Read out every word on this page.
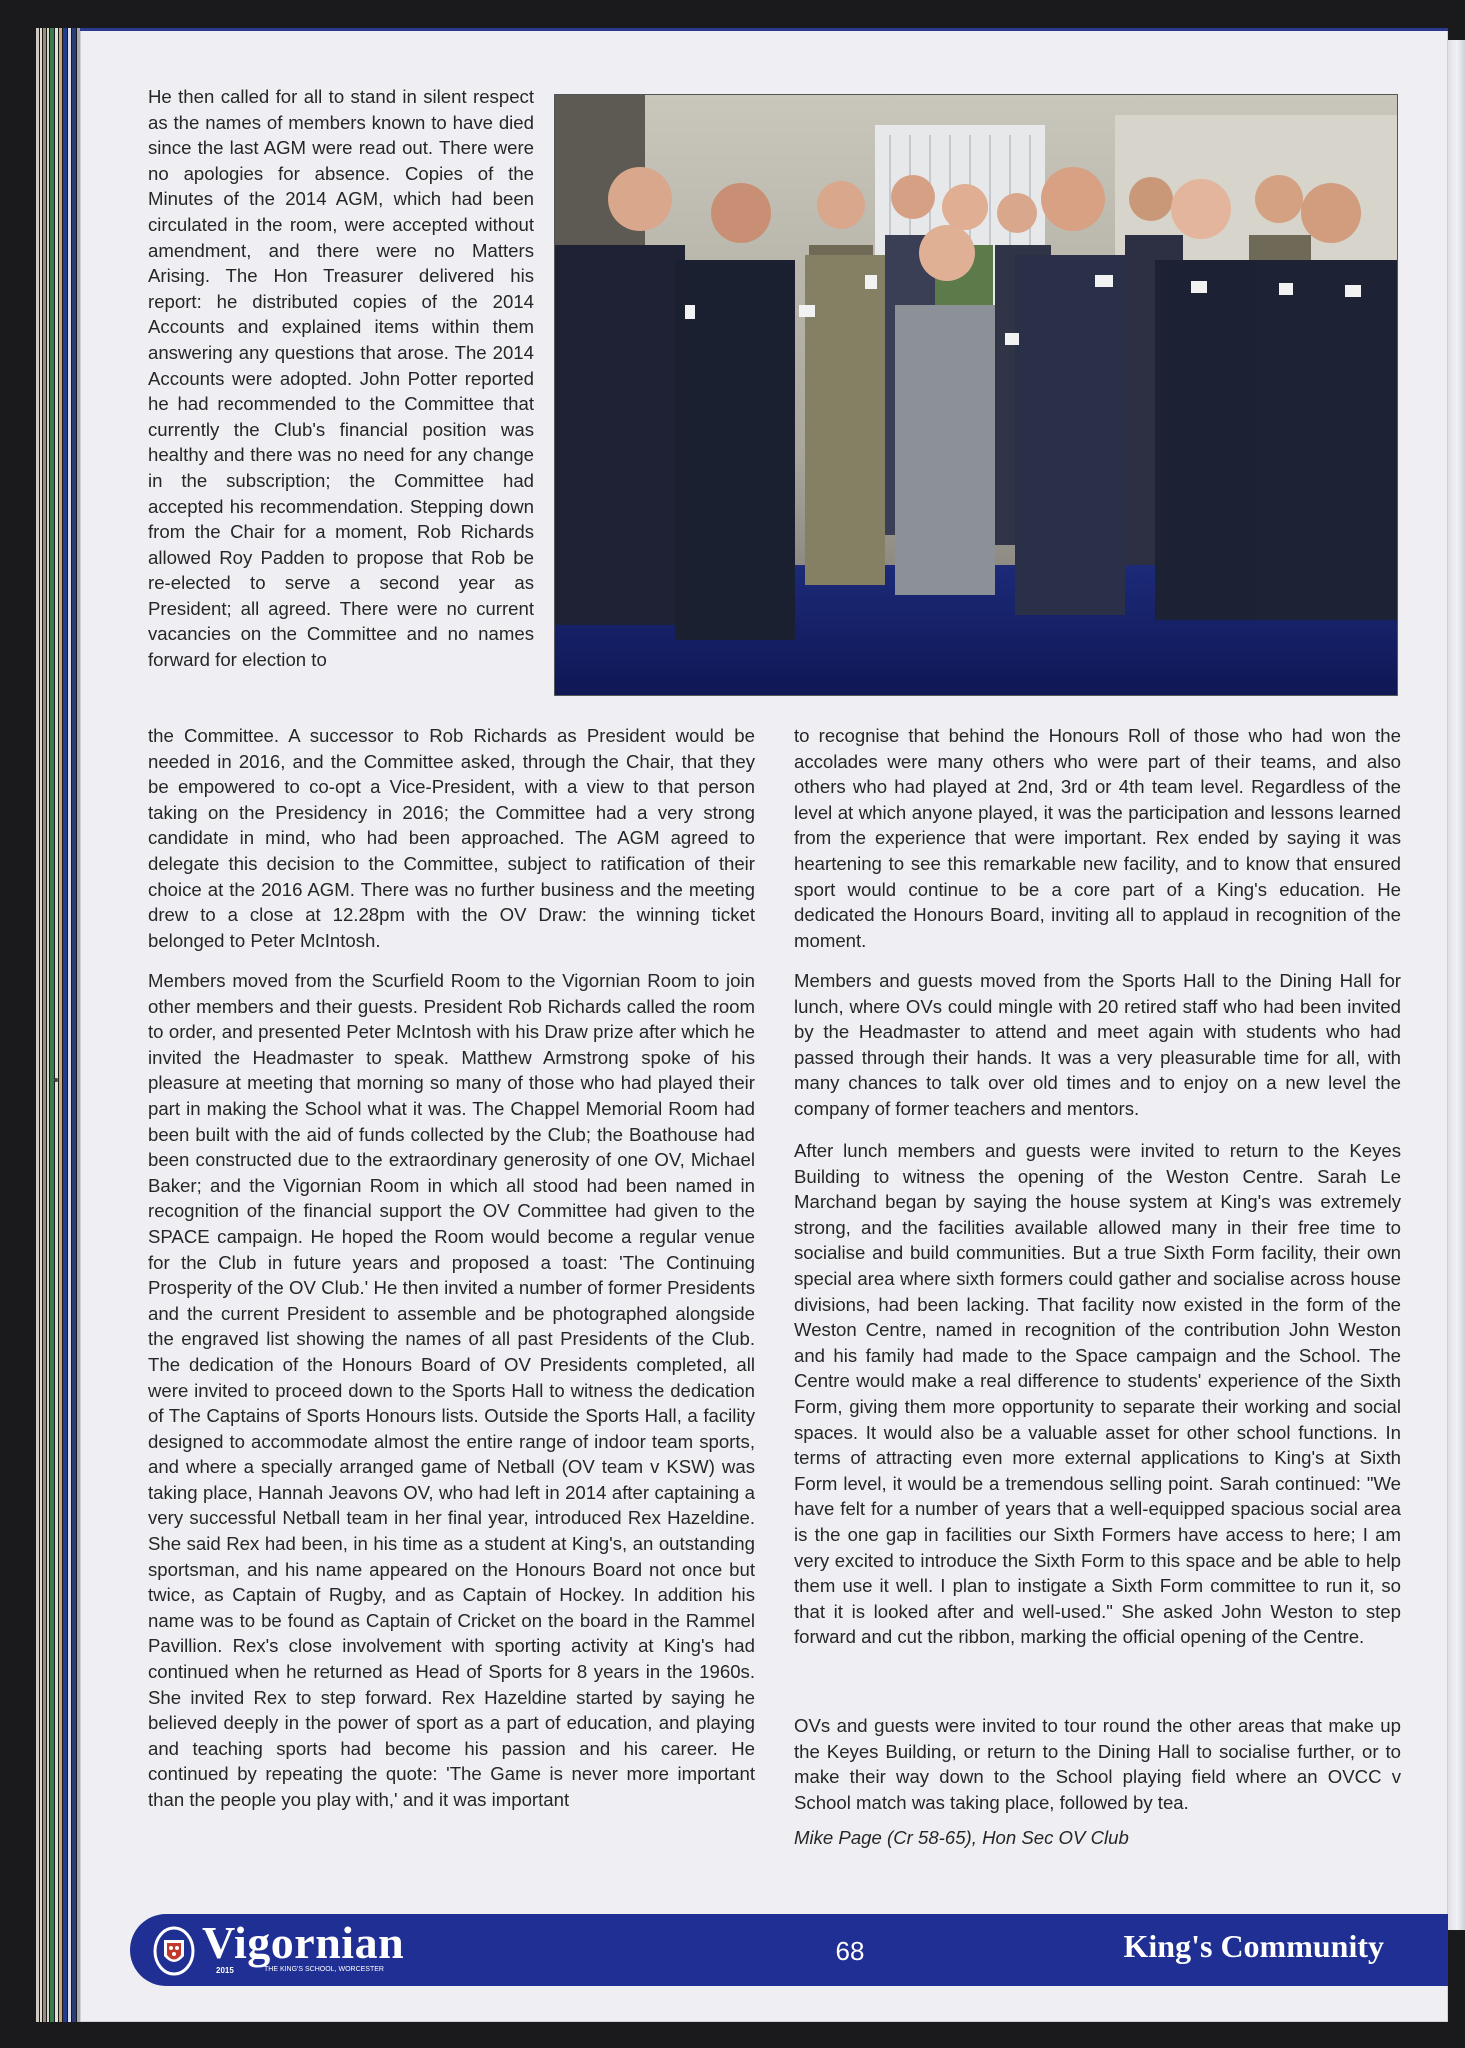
He then called for all to stand in silent respect as the names of members known to have died since the last AGM were read out. There were no apologies for absence. Copies of the Minutes of the 2014 AGM, which had been circulated in the room, were accepted without amendment, and there were no Matters Arising. The Hon Treasurer delivered his report: he distributed copies of the 2014 Accounts and explained items within them answering any questions that arose. The 2014 Accounts were adopted. John Potter reported he had recommended to the Committee that currently the Club's financial position was healthy and there was no need for any change in the subscription; the Committee had accepted his recommendation. Stepping down from the Chair for a moment, Rob Richards allowed Roy Padden to propose that Rob be re-elected to serve a second year as President; all agreed. There were no current vacancies on the Committee and no names forward for election to

the Committee. A successor to Rob Richards as President would be needed in 2016, and the Committee asked, through the Chair, that they be empowered to co-opt a Vice-President, with a view to that person taking on the Presidency in 2016; the Committee had a very strong candidate in mind, who had been approached. The AGM agreed to delegate this decision to the Committee, subject to ratification of their choice at the 2016 AGM. There was no further business and the meeting drew to a close at 12.28pm with the OV Draw: the winning ticket belonged to Peter McIntosh.

Members moved from the Scurfield Room to the Vigornian Room to join other members and their guests. President Rob Richards called the room to order, and presented Peter McIntosh with his Draw prize after which he invited the Headmaster to speak. Matthew Armstrong spoke of his pleasure at meeting that morning so many of those who had played their part in making the School what it was. The Chappel Memorial Room had been built with the aid of funds collected by the Club; the Boathouse had been constructed due to the extraordinary generosity of one OV, Michael Baker; and the Vigornian Room in which all stood had been named in recognition of the financial support the OV Committee had given to the SPACE campaign. He hoped the Room would become a regular venue for the Club in future years and proposed a toast: 'The Continuing Prosperity of the OV Club.' He then invited a number of former Presidents and the current President to assemble and be photographed alongside the engraved list showing the names of all past Presidents of the Club. The dedication of the Honours Board of OV Presidents completed, all were invited to proceed down to the Sports Hall to witness the dedication of The Captains of Sports Honours lists. Outside the Sports Hall, a facility designed to accommodate almost the entire range of indoor team sports, and where a specially arranged game of Netball (OV team v KSW) was taking place, Hannah Jeavons OV, who had left in 2014 after captaining a very successful Netball team in her final year, introduced Rex Hazeldine. She said Rex had been, in his time as a student at King's, an outstanding sportsman, and his name appeared on the Honours Board not once but twice, as Captain of Rugby, and as Captain of Hockey. In addition his name was to be found as Captain of Cricket on the board in the Rammel Pavillion. Rex's close involvement with sporting activity at King's had continued when he returned as Head of Sports for 8 years in the 1960s. She invited Rex to step forward. Rex Hazeldine started by saying he believed deeply in the power of sport as a part of education, and playing and teaching sports had become his passion and his career. He continued by repeating the quote: 'The Game is never more important than the people you play with,' and it was important

to recognise that behind the Honours Roll of those who had won the accolades were many others who were part of their teams, and also others who had played at 2nd, 3rd or 4th team level. Regardless of the level at which anyone played, it was the participation and lessons learned from the experience that were important. Rex ended by saying it was heartening to see this remarkable new facility, and to know that ensured sport would continue to be a core part of a King's education. He dedicated the Honours Board, inviting all to applaud in recognition of the moment.

Members and guests moved from the Sports Hall to the Dining Hall for lunch, where OVs could mingle with 20 retired staff who had been invited by the Headmaster to attend and meet again with students who had passed through their hands. It was a very pleasurable time for all, with many chances to talk over old times and to enjoy on a new level the company of former teachers and mentors.

After lunch members and guests were invited to return to the Keyes Building to witness the opening of the Weston Centre. Sarah Le Marchand began by saying the house system at King's was extremely strong, and the facilities available allowed many in their free time to socialise and build communities. But a true Sixth Form facility, their own special area where sixth formers could gather and socialise across house divisions, had been lacking. That facility now existed in the form of the Weston Centre, named in recognition of the contribution John Weston and his family had made to the Space campaign and the School. The Centre would make a real difference to students' experience of the Sixth Form, giving them more opportunity to separate their working and social spaces. It would also be a valuable asset for other school functions. In terms of attracting even more external applications to King's at Sixth Form level, it would be a tremendous selling point. Sarah continued: "We have felt for a number of years that a well-equipped spacious social area is the one gap in facilities our Sixth Formers have access to here; I am very excited to introduce the Sixth Form to this space and be able to help them use it well. I plan to instigate a Sixth Form committee to run it, so that it is looked after and well-used." She asked John Weston to step forward and cut the ribbon, marking the official opening of the Centre.

OVs and guests were invited to tour round the other areas that make up the Keyes Building, or return to the Dining Hall to socialise further, or to make their way down to the School playing field where an OVCC v School match was taking place, followed by tea.

Mike Page (Cr 58-65), Hon Sec OV Club

Vigornian
2015	THE KING'S SCHOOL, WORCESTER
68	King's Community
